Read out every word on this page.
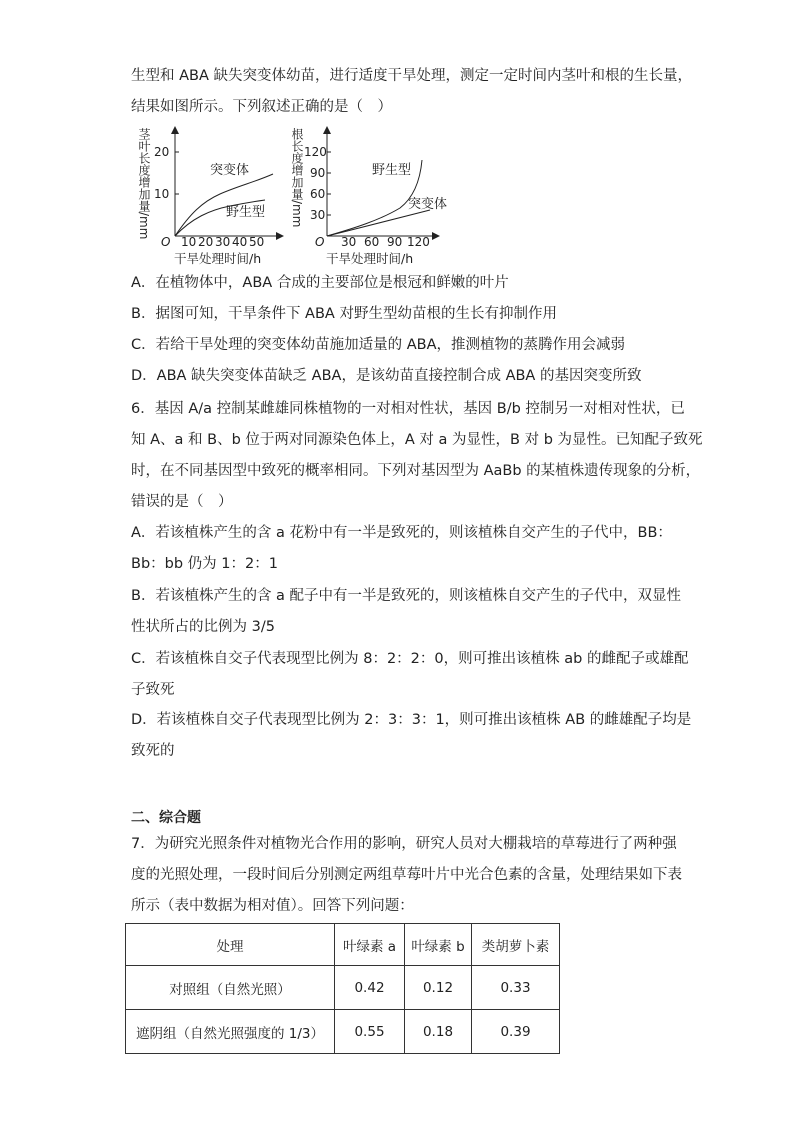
生型和 ABA 缺失突变体幼苗，进行适度干旱处理，测定一定时间内茎叶和根的生长量，
结果如图所示。下列叙述正确的是（　）
茎叶长度增加量/mm 20
10
O 10 20 30 40 50
干旱处理时间/h
突变体
野生型 根长度增加量/mm 120
90
60
30
O 30 60 90 120
干旱处理时间/h
野生型
突变体
A．在植物体中，ABA 合成的主要部位是根冠和鲜嫩的叶片
B．据图可知，干旱条件下 ABA 对野生型幼苗根的生长有抑制作用
C．若给干旱处理的突变体幼苗施加适量的 ABA，推测植物的蒸腾作用会减弱
D．ABA 缺失突变体苗缺乏 ABA，是该幼苗直接控制合成 ABA 的基因突变所致
6．基因 A/a 控制某雌雄同株植物的一对相对性状，基因 B/b 控制另一对相对性状，已
知 A、a 和 B、b 位于两对同源染色体上，A 对 a 为显性，B 对 b 为显性。已知配子致死
时，在不同基因型中致死的概率相同。下列对基因型为 AaBb 的某植株遗传现象的分析，
错误的是（　）
A．若该植株产生的含 a 花粉中有一半是致死的，则该植株自交产生的子代中，BB：
Bb：bb 仍为 1：2：1
B．若该植株产生的含 a 配子中有一半是致死的，则该植株自交产生的子代中，双显性
性状所占的比例为 3/5
C．若该植株自交子代表现型比例为 8：2：2：0，则可推出该植株 ab 的雌配子或雄配
子致死
D．若该植株自交子代表现型比例为 2：3：3：1，则可推出该植株 AB 的雌雄配子均是
致死的
二、综合题
7．为研究光照条件对植物光合作用的影响，研究人员对大棚栽培的草莓进行了两种强
度的光照处理，一段时间后分别测定两组草莓叶片中光合色素的含量，处理结果如下表
所示（表中数据为相对值）。回答下列问题：
处理	叶绿素 a	叶绿素 b	类胡萝卜素
对照组（自然光照）	0.42	0.12	0.33
遮阴组（自然光照强度的 1/3）	0.55	0.18	0.39
